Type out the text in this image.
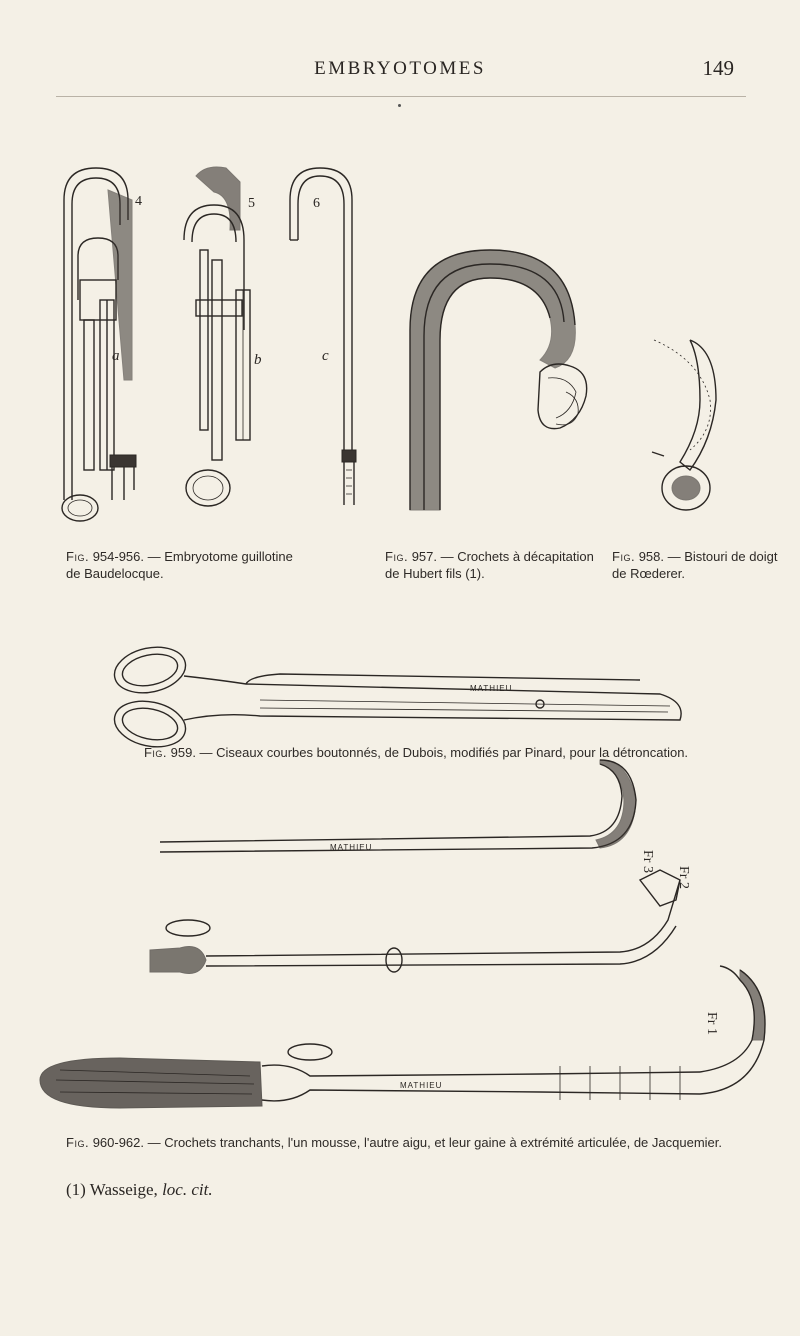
EMBRYOTOMES	149
4
a
5
b
6
c
MATHIEU
MATHIEU
MATHIEU
Fr 3
Fr 2
Fr 1
Fig. 954-956. — Embryotome guillotine de Baudelocque.
Fig. 957. — Crochets à décapitation de Hubert fils (1).
Fig. 958. — Bistouri de doigt de Rœderer.
Fig. 959. — Ciseaux courbes boutonnés, de Dubois, modifiés par Pinard, pour la détroncation.
Fig. 960-962. — Crochets tranchants, l'un mousse, l'autre aigu, et leur gaine à extrémité articulée, de Jacquemier.
(1) Wasseige, loc. cit.
